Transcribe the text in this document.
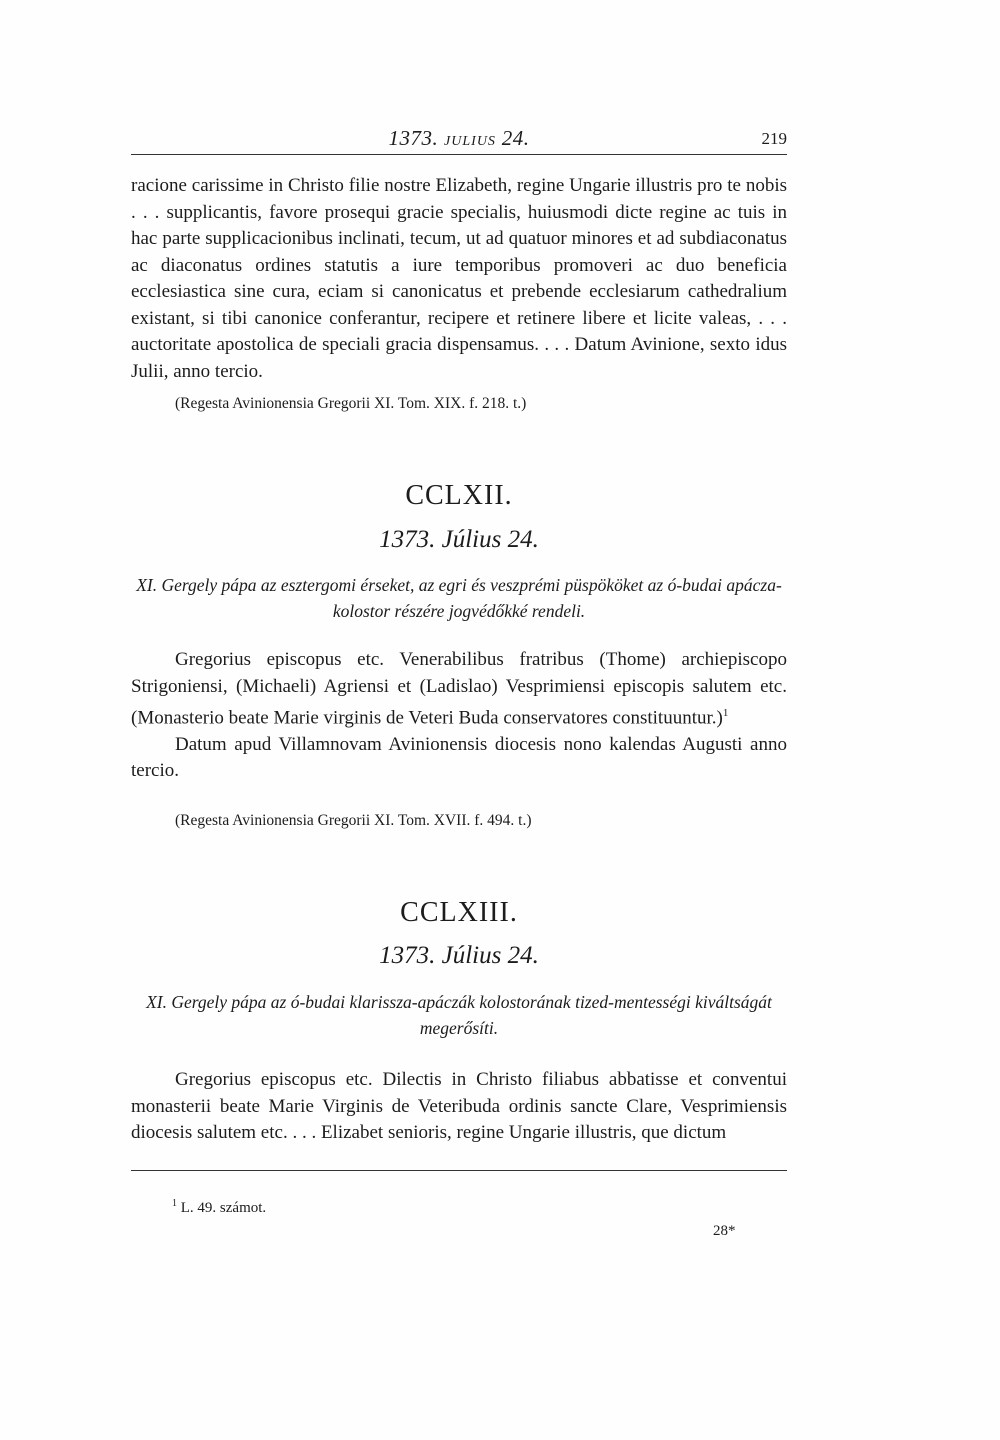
1373. JULIUS 24.	219

racione carissime in Christo filie nostre Elizabeth, regine Ungarie illustris pro te nobis . . . supplicantis, favore prosequi gracie specialis, huiusmodi dicte regine ac tuis in hac parte supplicacionibus inclinati, tecum, ut ad quatuor minores et ad subdiaconatus ac diaconatus ordines statutis a iure temporibus promoveri ac duo beneficia ecclesiastica sine cura, eciam si canonicatus et prebende ecclesiarum cathedralium existant, si tibi canonice conferantur, recipere et retinere libere et licite valeas, . . . auctoritate apostolica de speciali gracia dispensamus. . . . Datum Avinione, sexto idus Julii, anno tercio.

(Regesta Avinionensia Gregorii XI. Tom. XIX. f. 218. t.)
CCLXII.
1373. Július 24.
XI. Gergely pápa az esztergomi érseket, az egri és veszprémi püspököket az ó-budai apácza-kolostor részére jogvédőkké rendeli.

Gregorius episcopus etc. Venerabilibus fratribus (Thome) archiepiscopo Strigoniensi, (Michaeli) Agriensi et (Ladislao) Vesprimiensi episcopis salutem etc. (Monasterio beate Marie virginis de Veteri Buda conservatores constituuntur.)$^1$

Datum apud Villamnovam Avinionensis diocesis nono kalendas Augusti anno tercio.

(Regesta Avinionensia Gregorii XI. Tom. XVII. f. 494. t.)
CCLXIII.
1373. Július 24.
XI. Gergely pápa az ó-budai klarissza-apáczák kolostorának tized-mentességi kiváltságát megerősíti.

Gregorius episcopus etc. Dilectis in Christo filiabus abbatisse et conventui monasterii beate Marie Virginis de Veteribuda ordinis sancte Clare, Vesprimiensis diocesis salutem etc. . . . Elizabet senioris, regine Ungarie illustris, que dictum

$^1$ L. 49. számot.
28*
